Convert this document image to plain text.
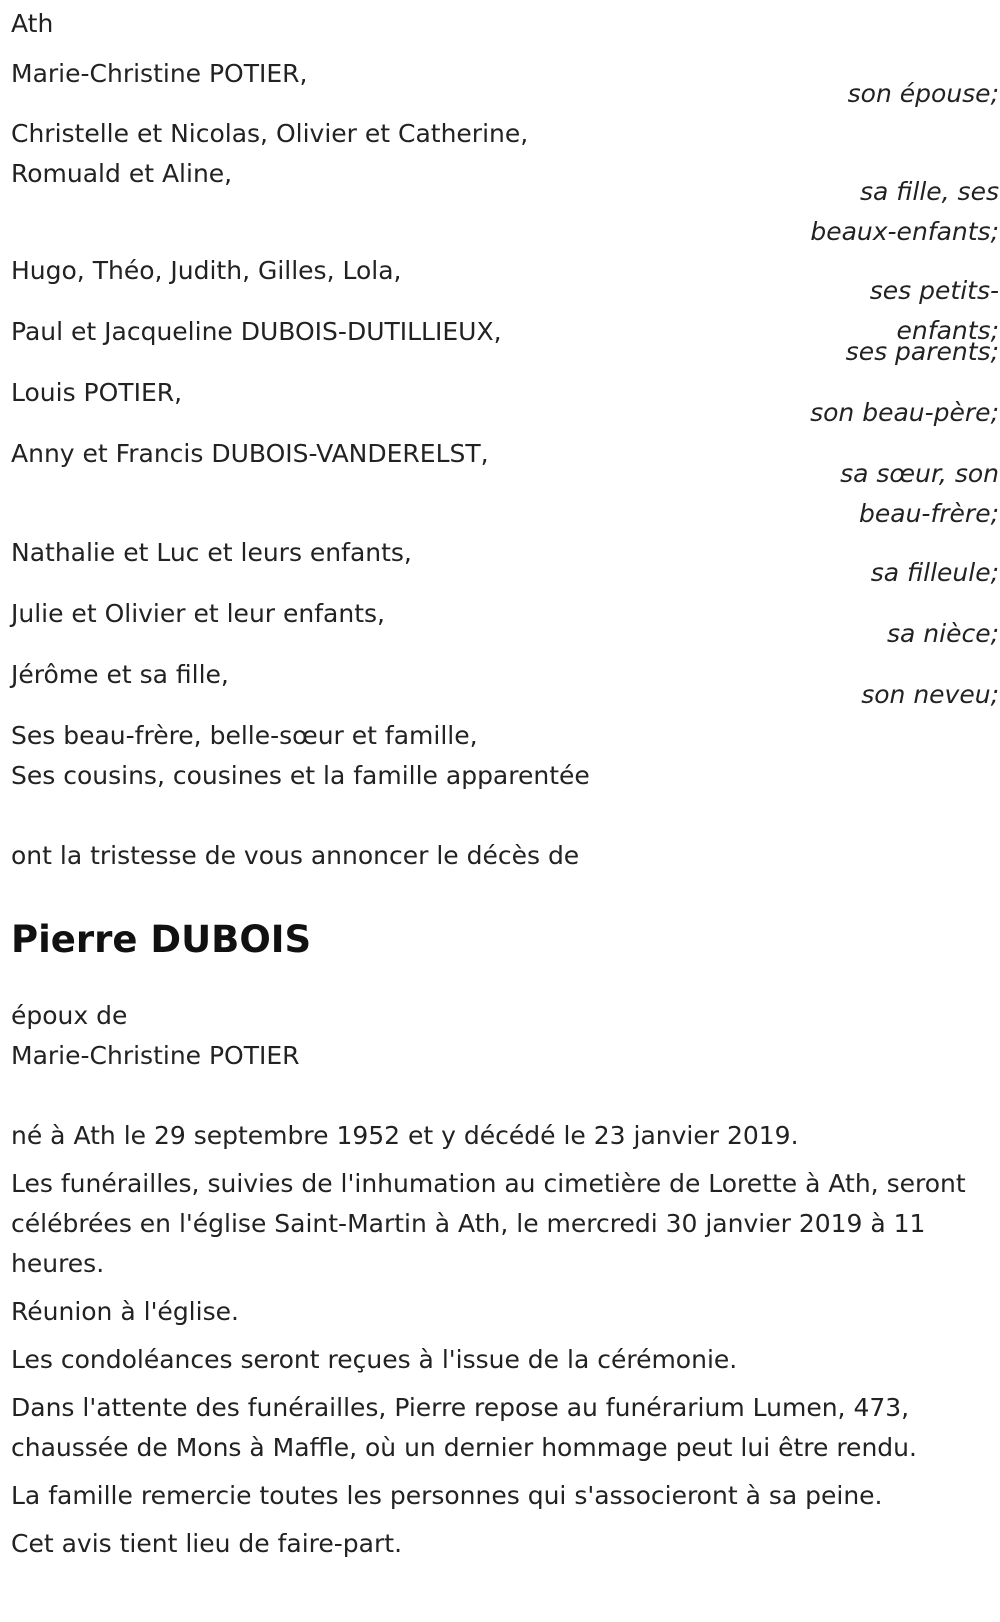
Ath
Marie-Christine POTIER,
son épouse;
Christelle et Nicolas, Olivier et Catherine,
Romuald et Aline,
sa fille, ses beaux-enfants;
Hugo, Théo, Judith, Gilles, Lola,
ses petits-enfants;
Paul et Jacqueline DUBOIS-DUTILLIEUX,
ses parents;
Louis POTIER,
son beau-père;
Anny et Francis DUBOIS-VANDERELST,
sa sœur, son beau-frère;
Nathalie et Luc et leurs enfants,
sa filleule;
Julie et Olivier et leur enfants,
sa nièce;
Jérôme et sa fille,
son neveu;
Ses beau-frère, belle-sœur et famille,
Ses cousins, cousines et la famille apparentée
ont la tristesse de vous annoncer le décès de
Pierre DUBOIS
époux de
Marie-Christine POTIER
né à Ath le 29 septembre 1952 et y décédé le 23 janvier 2019.
Les funérailles, suivies de l'inhumation au cimetière de Lorette à Ath, seront célébrées en l'église Saint-Martin à Ath, le mercredi 30 janvier 2019 à 11 heures.
Réunion à l'église.
Les condoléances seront reçues à l'issue de la cérémonie.
Dans l'attente des funérailles, Pierre repose au funérarium Lumen, 473, chaussée de Mons à Maffle, où un dernier hommage peut lui être rendu.
La famille remercie toutes les personnes qui s'associeront à sa peine.
Cet avis tient lieu de faire-part.
